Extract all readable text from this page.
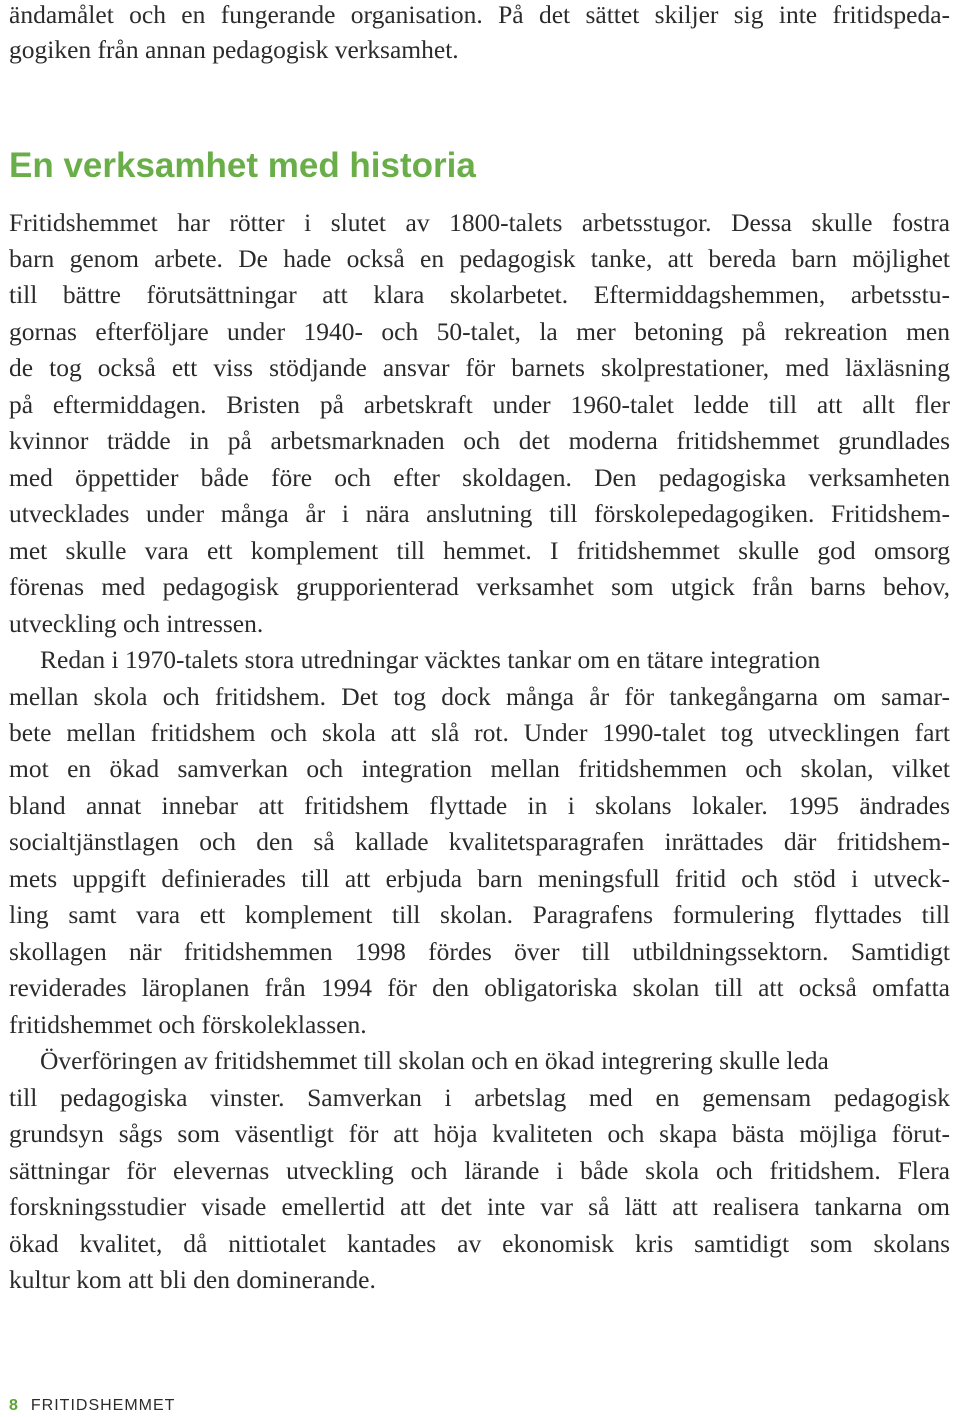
ändamålet och en fungerande organisation. På det sättet skiljer sig inte fritidspeda-
gogiken från annan pedagogisk verksamhet.
En verksamhet med historia
Fritidshemmet har rötter i slutet av 1800-talets arbetsstugor. Dessa skulle fostra
barn genom arbete. De hade också en pedagogisk tanke, att bereda barn möjlighet
till bättre förutsättningar att klara skolarbetet. Eftermiddagshemmen, arbetsstu-
gornas efterföljare under 1940- och 50-talet, la mer betoning på rekreation men
de tog också ett viss stödjande ansvar för barnets skolprestationer, med läxläsning
på eftermiddagen. Bristen på arbetskraft under 1960-talet ledde till att allt fler
kvinnor trädde in på arbetsmarknaden och det moderna fritidshemmet grundlades
med öppettider både före och efter skoldagen. Den pedagogiska verksamheten
utvecklades under många år i nära anslutning till förskolepedagogiken. Fritidshem-
met skulle vara ett komplement till hemmet. I fritidshemmet skulle god omsorg
förenas med pedagogisk grupporienterad verksamhet som utgick från barns behov,
utveckling och intressen.
Redan i 1970-talets stora utredningar väcktes tankar om en tätare integration
mellan skola och fritidshem. Det tog dock många år för tankegångarna om samar-
bete mellan fritidshem och skola att slå rot. Under 1990-talet tog utvecklingen fart
mot en ökad samverkan och integration mellan fritidshemmen och skolan, vilket
bland annat innebar att fritidshem flyttade in i skolans lokaler. 1995 ändrades
socialtjänstlagen och den så kallade kvalitetsparagrafen inrättades där fritidshem-
mets uppgift definierades till att erbjuda barn meningsfull fritid och stöd i utveck-
ling samt vara ett komplement till skolan. Paragrafens formulering flyttades till
skollagen när fritidshemmen 1998 fördes över till utbildningssektorn. Samtidigt
reviderades läroplanen från 1994 för den obligatoriska skolan till att också omfatta
fritidshemmet och förskoleklassen.
Överföringen av fritidshemmet till skolan och en ökad integrering skulle leda
till pedagogiska vinster. Samverkan i arbetslag med en gemensam pedagogisk
grundsyn sågs som väsentligt för att höja kvaliteten och skapa bästa möjliga förut-
sättningar för elevernas utveckling och lärande i både skola och fritidshem. Flera
forskningsstudier visade emellertid att det inte var så lätt att realisera tankarna om
ökad kvalitet, då nittiotalet kantades av ekonomisk kris samtidigt som skolans
kultur kom att bli den dominerande.
8 FRITIDSHEMMET
